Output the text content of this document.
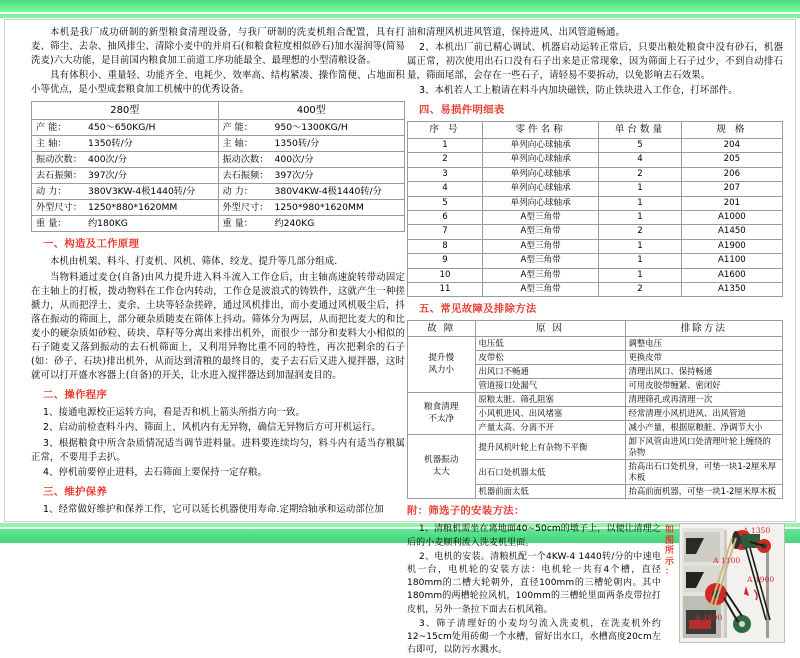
本机是我厂成功研制的新型粮食清理设备，与我厂研制的洗麦机组合配置，具有打麦、筛尘、去杂、抽风排尘、清除小麦中的并肩石(和粮食粒度相似砂石)加水湿润等(简易洗麦)六大功能，是目前国内粮食加工前道工序功能最全、最理想的小型清粮设备。

具有体积小、重量轻、功能齐全、电耗少、效率高、结构紧凑、操作简便、占地面积小等优点，是小型成套粮食加工机械中的优秀设备。

280型	400型
产 能： 450～650KG/H	产 能： 950～1300KG/H
主 轴： 1350转/分	主 轴： 1350转/分
振动次数： 400次/分	振动次数： 400次/分
去石振频： 397次/分	去石振频： 397次/分
动 力： 380V3KW-4极1440转/分	动 力： 380V4KW-4极1440转/分
外型尺寸： 1250*880*1620MM	外型尺寸： 1250*980*1620MM
重 量： 约180KG	重 量： 约240KG
一、构造及工作原理

本机由机架、料斗、打麦机、风机、筛体、绞龙、提升等几部分组成.

当物料通过麦仓(自备)由风力提升进入料斗流入工作仓后，由主轴高速旋转带动固定在主轴上的打板，拨动物料在工作仓内转动，工作仓是波浪式的铸铁件，这就产生一种搓搋力，从而把浮土、麦余、土块等轻杂搓碎，通过风机排出，而小麦通过风机吸尘后，抖落在振动的筛面上，部分硬杂质随麦在筛体上抖动。筛体分为两层，从而把比麦大的和比麦小的硬杂质如砂粒、砖块、草籽等分离出来排出机外，而很少一部分和麦料大小相似的石子随麦又落到振动的去石机筛面上，又利用异物比重不同的特性，再次把剩余的石子(如：砂子、石块)排出机外，从而达到清粮的最终目的，麦子去石后又进入搅拌器，这时就可以打开盛水容器上(自备)的开关，让水进入搅拌器达到加湿润麦目的。

二、操作程序

1、接通电源校正运转方向，看是否和机上箭头所指方向一致。

2、启动前检查料斗内、筛面上、风机内有无异物，确信无异物后方可开机运行。

3、根据粮食中所含杂质情况适当调节进料量。进料要连续均匀，料斗内有适当存粮属正常，不要用手去扒。

4、停机前要停止进料，去石筛面上要保持一定存粮。

三、维护保养

1、经常做好维护和保养工作，它可以延长机器使用寿命.定期给轴承和运动部位加

油和清理风机进风管道，保持进风、出风管道畅通。

2、本机出厂前已精心调试、机器启动运转正常后，只要出粮处粮食中没有砂石，机器属正常，初次使用出石口没有石子出来是正常现象，因为筛面上石子过少，不到自动排石量，筛面尾部，会存在一些石子，请轻易不要拆动，以免影响去石效果。

3、本机若人工上粮请在料斗内加块磁铁，防止铁块进入工作仓，打坏部件。

四、易损件明细表
序 号	零件名称	单台数量	规 格
1	单列向心球轴承	5	204
2	单列向心球轴承	4	205
3	单列向心球轴承	2	206
4	单列向心球轴承	1	207
5	单列向心球轴承	1	201
6	A型三角带	1	A1000
7	A型三角带	2	A1450
8	A型三角带	1	A1900
9	A型三角带	1	A1100
10	A型三角带	1	A1600
11	A型三角带	2	A1350
五、常见故障及排除方法
故 障	原 因	排除方法
提升慢
风力小	电压低	调整电压
	皮带松	更换皮带
	出风口不畅通	清理出风口、保持畅通
	管道接口处漏气	可用皮胶带缠紧、密闭好
粮食清理
不太净	原粮太脏、筛孔阻塞	清理筛孔或再清理一次
	小风机进风、出风堵塞	经常清理小风机进风、出风管道
	产量太高、分离不开	减小产量，根据原粮脏、净调节大小
机器振动
太大	提升风机叶轮上有杂物不平衡	卸下风管由进风口处清理叶轮上缠绕的杂物
	出石口处机器太低	抬高出石口处机身，可垫一块1-2厘米厚木板
	机器前面太低	抬高前面机器，可垫一块1-2厘米厚木板
附：筛选子的安装方法：

1、清粮机需坐在离地面40~50cm的墩子上，以便让清理之后的小麦顺利流入洗麦机里面。

2、电机的安装。清粮机配一个4KW-4 1440转/分的中速电机一台，电机轮的安装方法：电机轮一共有4个槽，直径180mm的二槽大轮朝外，直径100mm的三槽轮朝内。其中180mm的两槽轮拉风机，100mm的三槽轮里面两条皮带拉打皮机，另外一条拉下面去石机风箱。

3、筛子清理好的小麦均匀流入洗麦机，在洗麦机外约12~15cm处用砖砌一个水槽，留好出水口，水槽高度20cm左右即可，以防污水溅水。

如
图
所
示
：
A 1350
A 1100
A 1900
A 1600
